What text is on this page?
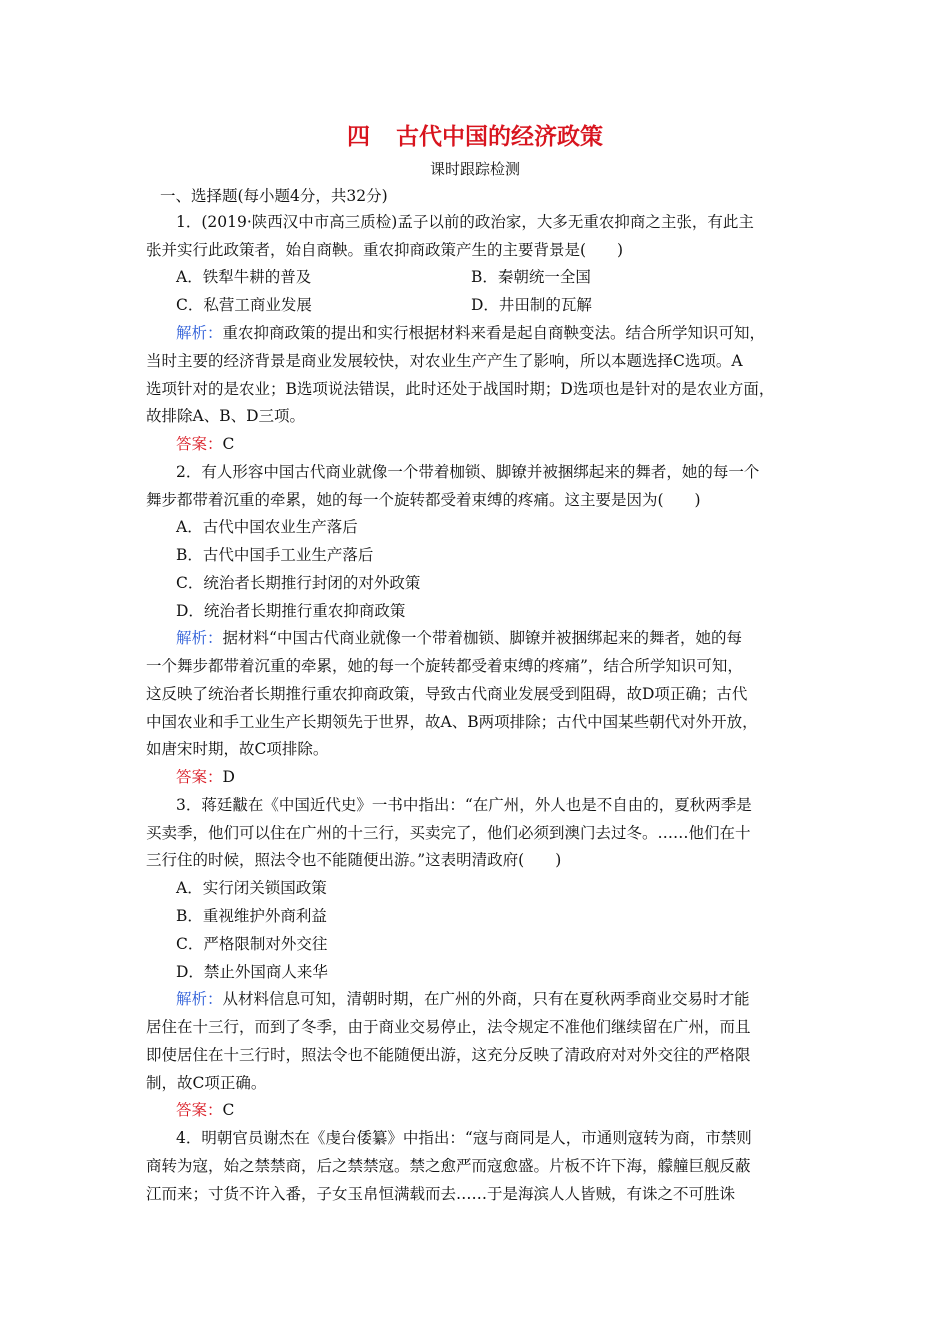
四 古代中国的经济政策
课时跟踪检测
一、选择题(每小题4分，共32分)
1．(2019·陕西汉中市高三质检)孟子以前的政治家，大多无重农抑商之主张，有此主
张并实行此政策者，始自商鞅。重农抑商政策产生的主要背景是(　　)
A．铁犁牛耕的普及	B．秦朝统一全国
C．私营工商业发展	D．井田制的瓦解
解析：重农抑商政策的提出和实行根据材料来看是起自商鞅变法。结合所学知识可知，
当时主要的经济背景是商业发展较快，对农业生产产生了影响，所以本题选择C选项。A
选项针对的是农业；B选项说法错误，此时还处于战国时期；D选项也是针对的是农业方面，
故排除A、B、D三项。
答案：C
2．有人形容中国古代商业就像一个带着枷锁、脚镣并被捆绑起来的舞者，她的每一个
舞步都带着沉重的牵累，她的每一个旋转都受着束缚的疼痛。这主要是因为(　　)
A．古代中国农业生产落后
B．古代中国手工业生产落后
C．统治者长期推行封闭的对外政策
D．统治者长期推行重农抑商政策
解析：据材料“中国古代商业就像一个带着枷锁、脚镣并被捆绑起来的舞者，她的每
一个舞步都带着沉重的牵累，她的每一个旋转都受着束缚的疼痛”，结合所学知识可知，
这反映了统治者长期推行重农抑商政策，导致古代商业发展受到阻碍，故D项正确；古代
中国农业和手工业生产长期领先于世界，故A、B两项排除；古代中国某些朝代对外开放，
如唐宋时期，故C项排除。
答案：D
3．蒋廷黻在《中国近代史》一书中指出：“在广州，外人也是不自由的，夏秋两季是
买卖季，他们可以住在广州的十三行，买卖完了，他们必须到澳门去过冬。……他们在十
三行住的时候，照法令也不能随便出游。”这表明清政府(　　)
A．实行闭关锁国政策
B．重视维护外商利益
C．严格限制对外交往
D．禁止外国商人来华
解析：从材料信息可知，清朝时期，在广州的外商，只有在夏秋两季商业交易时才能
居住在十三行，而到了冬季，由于商业交易停止，法令规定不准他们继续留在广州，而且
即使居住在十三行时，照法令也不能随便出游，这充分反映了清政府对对外交往的严格限
制，故C项正确。
答案：C
4．明朝官员谢杰在《虔台倭纂》中指出：“寇与商同是人，市通则寇转为商，市禁则
商转为寇，始之禁禁商，后之禁禁寇。禁之愈严而寇愈盛。片板不许下海，艨艟巨舰反蔽
江而来；寸货不许入番，子女玉帛恒满载而去……于是海滨人人皆贼，有诛之不可胜诛
